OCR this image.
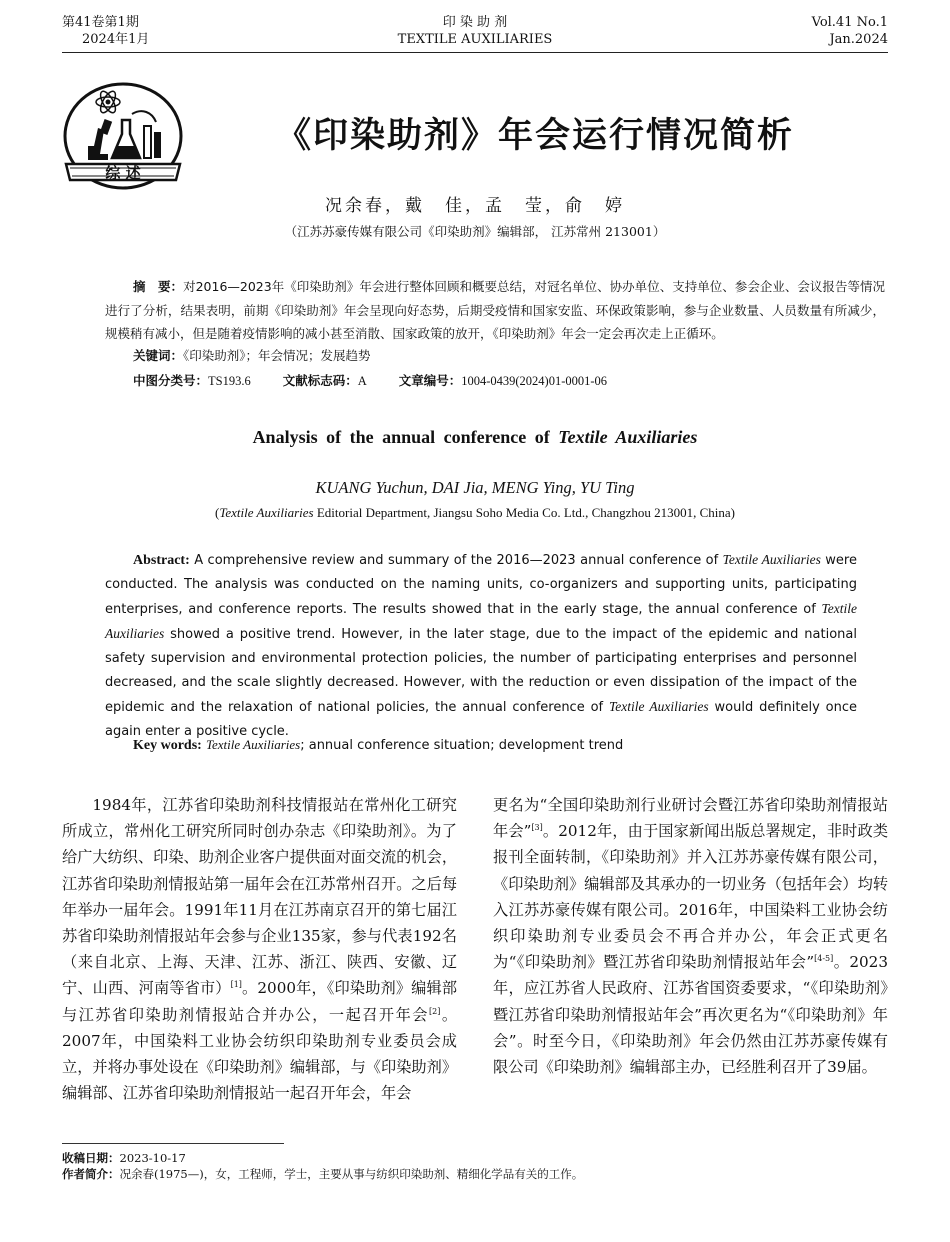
第41卷第1期
2024年1月
印 染 助 剂
TEXTILE AUXILIARIES
Vol.41 No.1
Jan.2024
综 述
《印染助剂》年会运行情况简析
况余春，戴　佳，孟　莹，俞　婷
（江苏苏豪传媒有限公司《印染助剂》编辑部， 江苏常州 213001）
摘　要：对2016—2023年《印染助剂》年会进行整体回顾和概要总结，对冠名单位、协办单位、支持单位、参会企业、会议报告等情况进行了分析，结果表明，前期《印染助剂》年会呈现向好态势，后期受疫情和国家安监、环保政策影响，参与企业数量、人员数量有所减少，规模稍有减小，但是随着疫情影响的减小甚至消散、国家政策的放开，《印染助剂》年会一定会再次走上正循环。
关键词：《印染助剂》；年会情况；发展趋势
中图分类号：TS193.6	文献标志码：A	文章编号：1004-0439(2024)01-0001-06
Analysis of the annual conference of Textile Auxiliaries
KUANG Yuchun, DAI Jia, MENG Ying, YU Ting
(Textile Auxiliaries Editorial Department, Jiangsu Soho Media Co. Ltd., Changzhou 213001, China)
Abstract: A comprehensive review and summary of the 2016—2023 annual conference of Textile Auxiliaries were conducted. The analysis was conducted on the naming units, co-organizers and supporting units, participating enterprises, and conference reports. The results showed that in the early stage, the annual conference of Textile Auxiliaries showed a positive trend. However, in the later stage, due to the impact of the epidemic and national safety supervision and environmental protection policies, the number of participating enterprises and personnel decreased, and the scale slightly decreased. However, with the reduction or even dissipation of the impact of the epidemic and the relaxation of national policies, the annual conference of Textile Auxiliaries would definitely once again enter a positive cycle.
Key words: Textile Auxiliaries; annual conference situation; development trend

1984年，江苏省印染助剂科技情报站在常州化工研究所成立，常州化工研究所同时创办杂志《印染助剂》。为了给广大纺织、印染、助剂企业客户提供面对面交流的机会，江苏省印染助剂情报站第一届年会在江苏常州召开。之后每年举办一届年会。1991年11月在江苏南京召开的第七届江苏省印染助剂情报站年会参与企业135家，参与代表192名（来自北京、上海、天津、江苏、浙江、陕西、安徽、辽宁、山西、河南等省市）[1]。2000年，《印染助剂》编辑部与江苏省印染助剂情报站合并办公，一起召开年会[2]。2007年，中国染料工业协会纺织印染助剂专业委员会成立，并将办事处设在《印染助剂》编辑部，与《印染助剂》编辑部、江苏省印染助剂情报站一起召开年会，年会

更名为“全国印染助剂行业研讨会暨江苏省印染助剂情报站年会”[3]。2012年，由于国家新闻出版总署规定，非时政类报刊全面转制，《印染助剂》并入江苏苏豪传媒有限公司，《印染助剂》编辑部及其承办的一切业务（包括年会）均转入江苏苏豪传媒有限公司。2016年，中国染料工业协会纺织印染助剂专业委员会不再合并办公，年会正式更名为“《印染助剂》暨江苏省印染助剂情报站年会”[4-5]。2023年，应江苏省人民政府、江苏省国资委要求，“《印染助剂》暨江苏省印染助剂情报站年会”再次更名为“《印染助剂》年会”。时至今日，《印染助剂》年会仍然由江苏苏豪传媒有限公司《印染助剂》编辑部主办，已经胜利召开了39届。

收稿日期：2023-10-17
作者简介：况余春(1975—)，女，工程师，学士，主要从事与纺织印染助剂、精细化学品有关的工作。
